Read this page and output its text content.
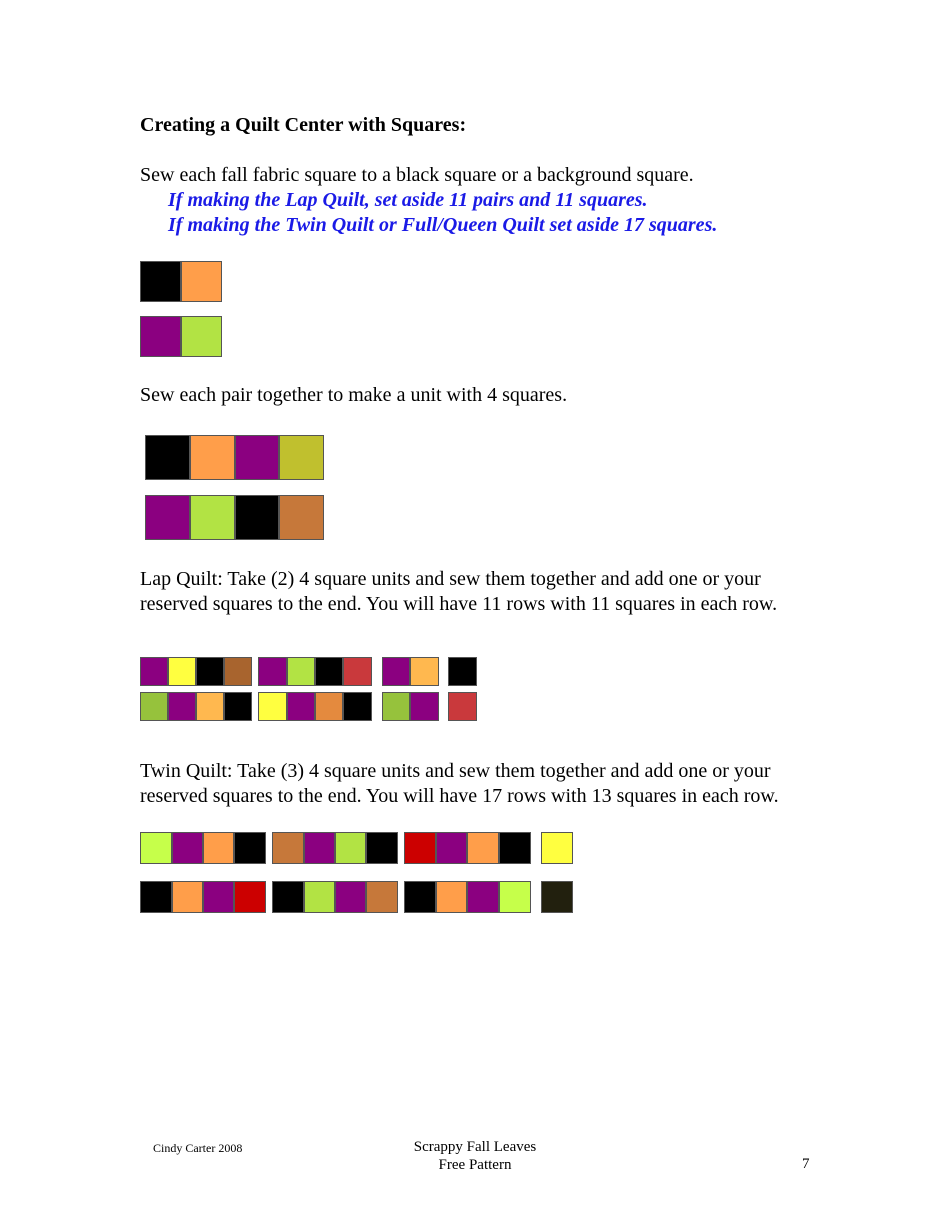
Creating a Quilt Center with Squares:
Sew each fall fabric square to a black square or a background square.
If making the Lap Quilt, set aside 11 pairs and 11 squares.
If making the Twin Quilt or Full/Queen Quilt set aside 17 squares.
Sew each pair together to make a unit with 4 squares.
Lap Quilt: Take (2) 4 square units and sew them together and add one or your reserved squares to the end. You will have 11 rows with 11 squares in each row.
Twin Quilt: Take (3) 4 square units and sew them together and add one or your reserved squares to the end. You will have 17 rows with 13 squares in each row.
Cindy Carter 2008	Scrappy Fall Leaves
Free Pattern	7
